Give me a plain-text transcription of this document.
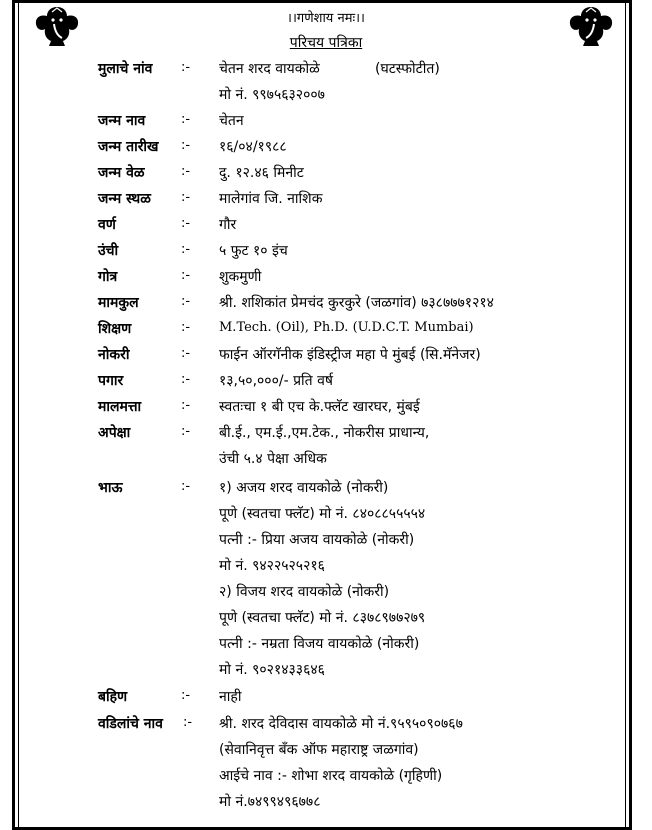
।।गणेशाय नमः।।
परिचय पत्रिका
मुलाचे नांव :- चेतन शरद वायकोळे	(घटस्फोटीत)
मो नं. ९९७५६३२००७
जन्म नाव	:- चेतन
जन्म तारीख :- १६/०४/१९८८
जन्म वेळ	:- दु. १२.४६ मिनीट
जन्म स्थळ :- मालेगांव जि. नाशिक
वर्ण	:- गौर
उंची	:- ५ फुट १० इंच
गोत्र	:- शुकमुणी
मामकुल	:- श्री. शशिकांत प्रेमचंद कुरकुरे (जळगांव) ७३८७७७१२१४
शिक्षण	:- M.Tech. (Oil), Ph.D. (U.D.C.T. Mumbai)
नोकरी	:- फाईन ऑरगॅनीक इंडिस्ट्रीज महा पे मुंबई (सि.मॅनेजर)
पगार	:- १३,५०,०००/- प्रति वर्ष
मालमत्ता	:- स्वतःचा १ बी एच के.फ्लॅट खारघर, मुंबई
अपेक्षा	:- बी.ई., एम.ई.,एम.टेक., नोकरीस प्राधान्य,
उंची ५.४ पेक्षा अधिक
भाऊ	:- १) अजय शरद वायकोळे (नोकरी)
पूणे (स्वतचा फ्लॅट) मो नं. ८४०८८५५५५४
पत्नी :- प्रिया अजय वायकोळे (नोकरी)
मो नं. ९४२२५२५२१६
२) विजय शरद वायकोळे (नोकरी)
पूणे (स्वतचा फ्लॅट) मो नं. ८३७८९७७२७९
पत्नी :- नम्रता विजय वायकोळे (नोकरी)
मो नं. ९०२१४३३६४६
बहिण	:- नाही
वडिलांचे नाव :- श्री. शरद देविदास वायकोळे मो नं.९५९५०९०७६७
(सेवानिवृत्त बँक ऑफ महाराष्ट्र जळगांव)
आईचे नाव :- शोभा शरद वायकोळे (गृहिणी)
मो नं.७४९९४९६७७८
